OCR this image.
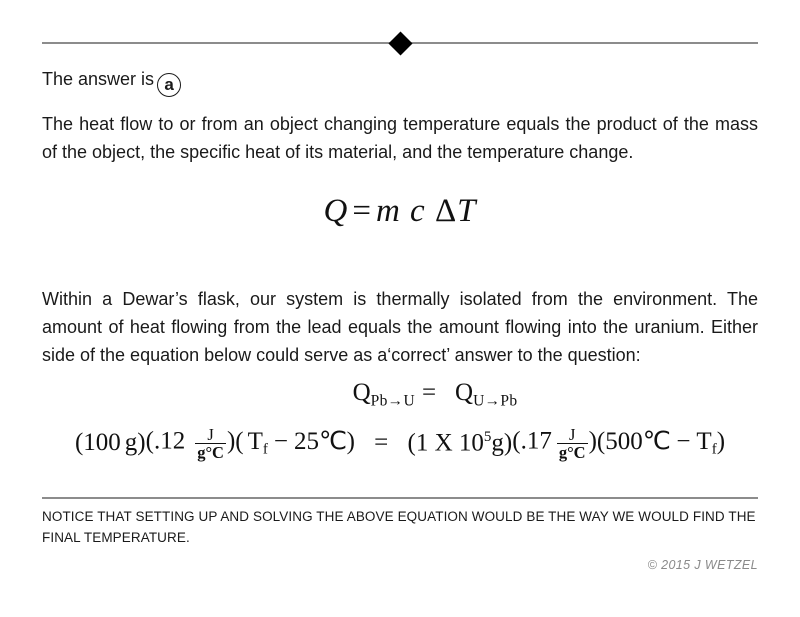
The answer is a
The heat flow to or from an object changing temperature equals the product of the mass of the object, the specific heat of its material, and the temperature change.
Q = m c ΔT
Within a Dewar’s flask, our system is thermally isolated from the environment. The amount of heat flowing from the lead equals the amount flowing into the uranium. Either side of the equation below could serve as a‘correct’ answer to the question:
$Q_{Pb\to U} = Q_{U\to Pb}$
(100 $g)(.12 \frac{J}{g^\circ C}$ )( $T_f$ − 25℃) = (1 X $10^5g)(.17 \frac{J}{g^\circ C}$ )(500℃ − $T_f$)
NOTICE THAT SETTING UP AND SOLVING THE ABOVE EQUATION WOULD BE THE WAY WE WOULD FIND THE FINAL TEMPERATURE.
© 2015 J WETZEL
